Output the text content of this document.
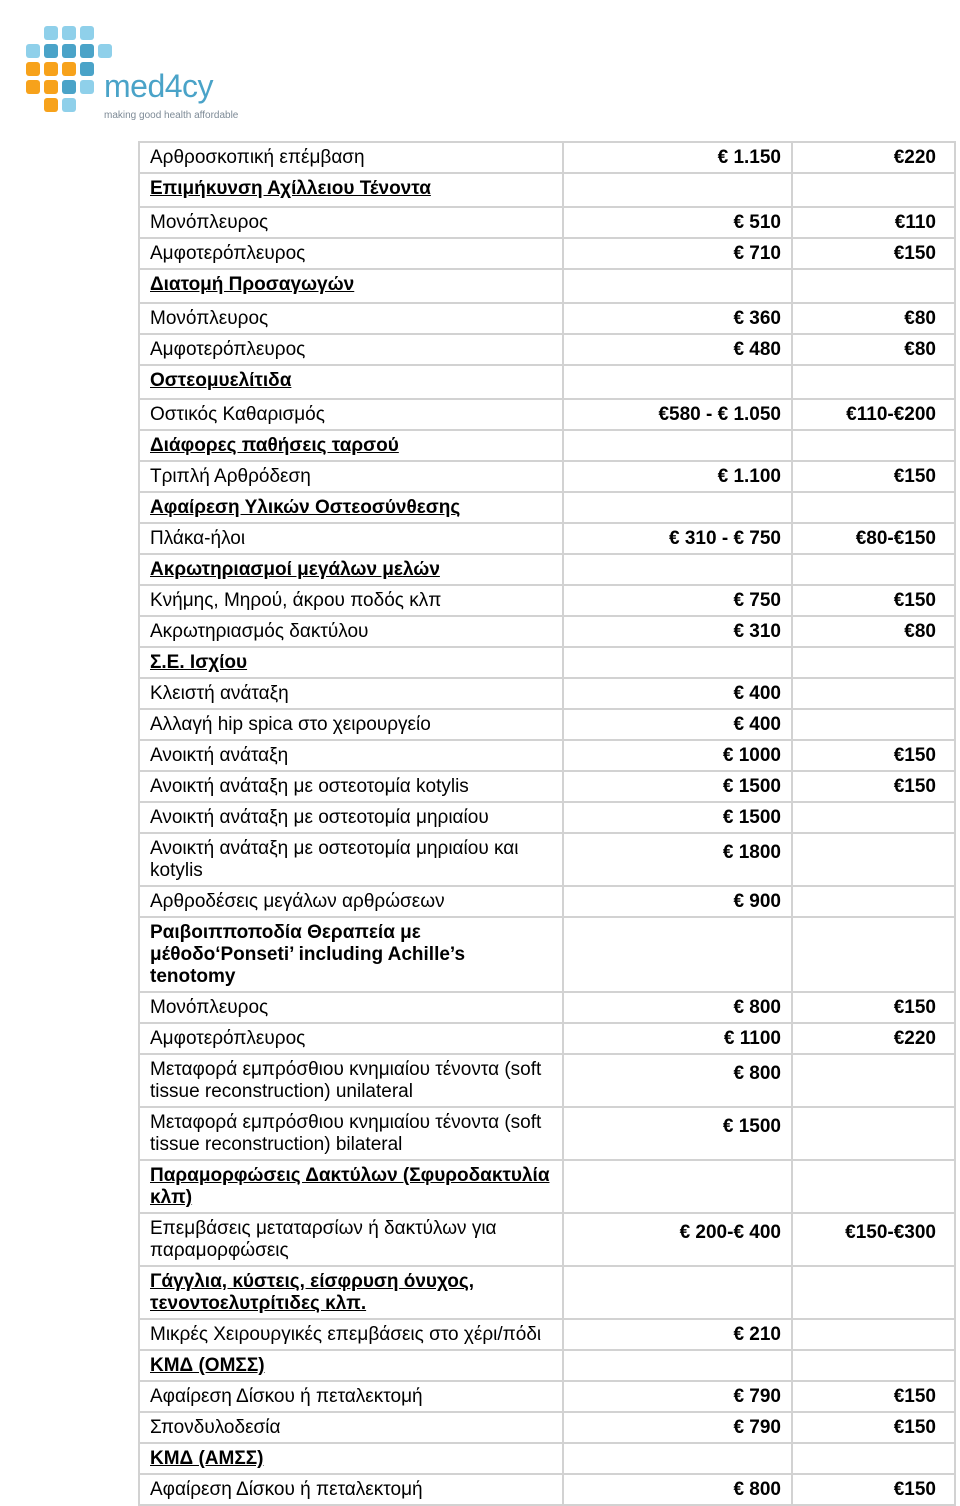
med4cy
making good health affordable
Αρθροσκοπική επέμβαση	€ 1.150	€220
Επιμήκυνση Αχίλλειου Τένοντα		
Μονόπλευρος	€ 510	€110
Αμφοτερόπλευρος	€ 710	€150
Διατομή Προσαγωγών		
Μονόπλευρος	€ 360	€80
Αμφοτερόπλευρος	€ 480	€80
Οστεομυελίτιδα		
Οστικός Καθαρισμός	€580 - € 1.050	€110-€200
Διάφορες παθήσεις ταρσού		
Τριπλή Αρθρόδεση	€ 1.100	€150
Αφαίρεση Υλικών Οστεοσύνθεσης		
Πλάκα-ήλοι	€ 310 - € 750	€80-€150
Ακρωτηριασμοί μεγάλων μελών		
Κνήμης, Μηρού, άκρου ποδός κλπ	€ 750	€150
Ακρωτηριασμός δακτύλου	€ 310	€80
Σ.Ε. Ισχίου		
Κλειστή ανάταξη	€ 400	
Αλλαγή hip spica στο χειρουργείο	€ 400	
Ανοικτή ανάταξη	€ 1000	€150
Ανοικτή ανάταξη με οστεοτομία kotylis	€ 1500	€150
Ανοικτή ανάταξη με οστεοτομία μηριαίου	€ 1500	
Ανοικτή ανάταξη με οστεοτομία μηριαίου και kotylis	€ 1800	
Αρθροδέσεις μεγάλων αρθρώσεων	€ 900	
Ραιβοιπποποδία Θεραπεία με μέθοδο‘Ponseti’ including Achille’s tenotomy		
Μονόπλευρος	€ 800	€150
Αμφοτερόπλευρος	€ 1100	€220
Μεταφορά εμπρόσθιου κνημιαίου τένοντα (soft tissue reconstruction) unilateral	€ 800	
Μεταφορά εμπρόσθιου κνημιαίου τένοντα (soft tissue reconstruction) bilateral	€ 1500	
Παραμορφώσεις Δακτύλων (Σφυροδακτυλία κλπ)		
Επεμβάσεις μεταταρσίων ή δακτύλων για παραμορφώσεις	€ 200-€ 400	€150-€300
Γάγγλια, κύστεις, είσφρυση όνυχος, τενοντοελυτρίτιδες κλπ.		
Μικρές Χειρουργικές επεμβάσεις στο χέρι/πόδι	€ 210	
ΚΜΔ (ΟΜΣΣ)		
Αφαίρεση Δίσκου ή πεταλεκτομή	€ 790	€150
Σπονδυλοδεσία	€ 790	€150
ΚΜΔ (ΑΜΣΣ)		
Αφαίρεση Δίσκου ή πεταλεκτομή	€ 800	€150
